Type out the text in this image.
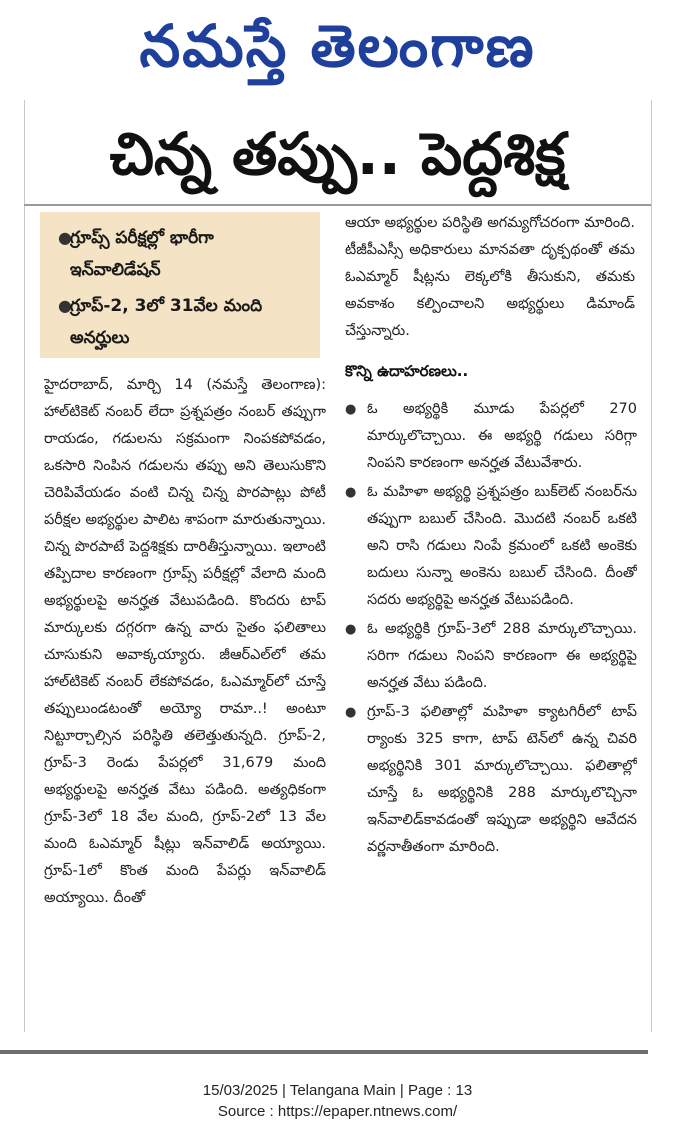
నమస్తే తెలంగాణ
చిన్న తప్పు.. పెద్దశిక్ష
●
గ్రూప్స్ పరీక్షల్లో భారీగా ఇన్‌వాలిడేషన్
●
గ్రూప్-2, 3లో 31వేల మంది అనర్హులు
హైదరాబాద్, మార్చి 14 (నమస్తే తెలంగాణ): హాల్‌టికెట్ నంబర్ లేదా ప్రశ్నపత్రం నంబర్ తప్పుగా రాయడం, గడులను సక్రమంగా నింపకపోవడం, ఒకసారి నింపిన గడులను తప్పు అని తెలుసుకొని చెరిపివేయడం వంటి చిన్న చిన్న పొరపాట్లు పోటీ పరీక్షల అభ్యర్థుల పాలిట శాపంగా మారుతున్నాయి. చిన్న పొరపాటే పెద్దశిక్షకు దారితీస్తున్నాయి. ఇలాంటి తప్పిదాల కారణంగా గ్రూప్స్ పరీక్షల్లో వేలాది మంది అభ్యర్థులపై అనర్హత వేటుపడింది. కొందరు టాప్ మార్కులకు దగ్గరగా ఉన్న వారు సైతం ఫలితాలు చూసుకుని అవాక్కయ్యారు. జీఆర్ఎల్‌లో తమ హాల్‌టికెట్ నంబర్ లేకపోవడం, ఓఎమ్మార్‌లో చూస్తే తప్పులుండటంతో అయ్యో రామా..! అంటూ నిట్టూర్చాల్సిన పరిస్థితి తలెత్తుతున్నది. గ్రూప్-2, గ్రూప్-3 రెండు పేపర్లలో 31,679 మంది అభ్యర్థులపై అనర్హత వేటు పడింది. అత్యధికంగా గ్రూప్-3లో 18 వేల మంది, గ్రూప్-2లో 13 వేల మంది ఓఎమ్మార్ షీట్లు ఇన్‌వాలిడ్ అయ్యాయి. గ్రూప్-1లో కొంత మంది పేపర్లు ఇన్‌వాలిడ్ అయ్యాయి. దీంతో
ఆయా అభ్యర్థుల పరిస్థితి అగమ్యగోచరంగా మారింది. టీజీపీఎస్సీ అధికారులు మానవతా దృక్పథంతో తమ ఓఎమ్మార్ షీట్లను లెక్కలోకి తీసుకుని, తమకు అవకాశం కల్పించాలని అభ్యర్థులు డిమాండ్ చేస్తున్నారు.
కొన్ని ఉదాహరణలు..
● ఓ అభ్యర్థికి మూడు పేపర్లలో 270 మార్కులొచ్చాయి. ఈ అభ్యర్థి గడులు సరిగ్గా నింపని కారణంగా అనర్హత వేటువేశారు.
● ఓ మహిళా అభ్యర్థి ప్రశ్నపత్రం బుక్‌లెట్ నంబర్‌ను తప్పుగా బబుల్ చేసింది. మొదటి నంబర్ ఒకటి అని రాసి గడులు నింపే క్రమంలో ఒకటి అంకెకు బదులు సున్నా అంకెను బబుల్ చేసింది. దీంతో సదరు అభ్యర్థిపై అనర్హత వేటుపడింది.
● ఓ అభ్యర్థికి గ్రూప్-3లో 288 మార్కులొచ్చాయి. సరిగా గడులు నింపని కారణంగా ఈ అభ్యర్థిపై అనర్హత వేటు పడింది.
● గ్రూప్-3 ఫలితాల్లో మహిళా క్యాటగిరీలో టాప్ ర్యాంకు 325 కాగా, టాప్ టెన్‌లో ఉన్న చివరి అభ్యర్థినికి 301 మార్కులొచ్చాయి. ఫలితాల్లో చూస్తే ఓ అభ్యర్థినికి 288 మార్కులొచ్చినా ఇన్‌వాలిడ్‌కావడంతో ఇప్పుడా అభ్యర్థిని ఆవేదన వర్ణనాతీతంగా మారింది.
15/03/2025 | Telangana Main | Page : 13
Source : https://epaper.ntnews.com/
